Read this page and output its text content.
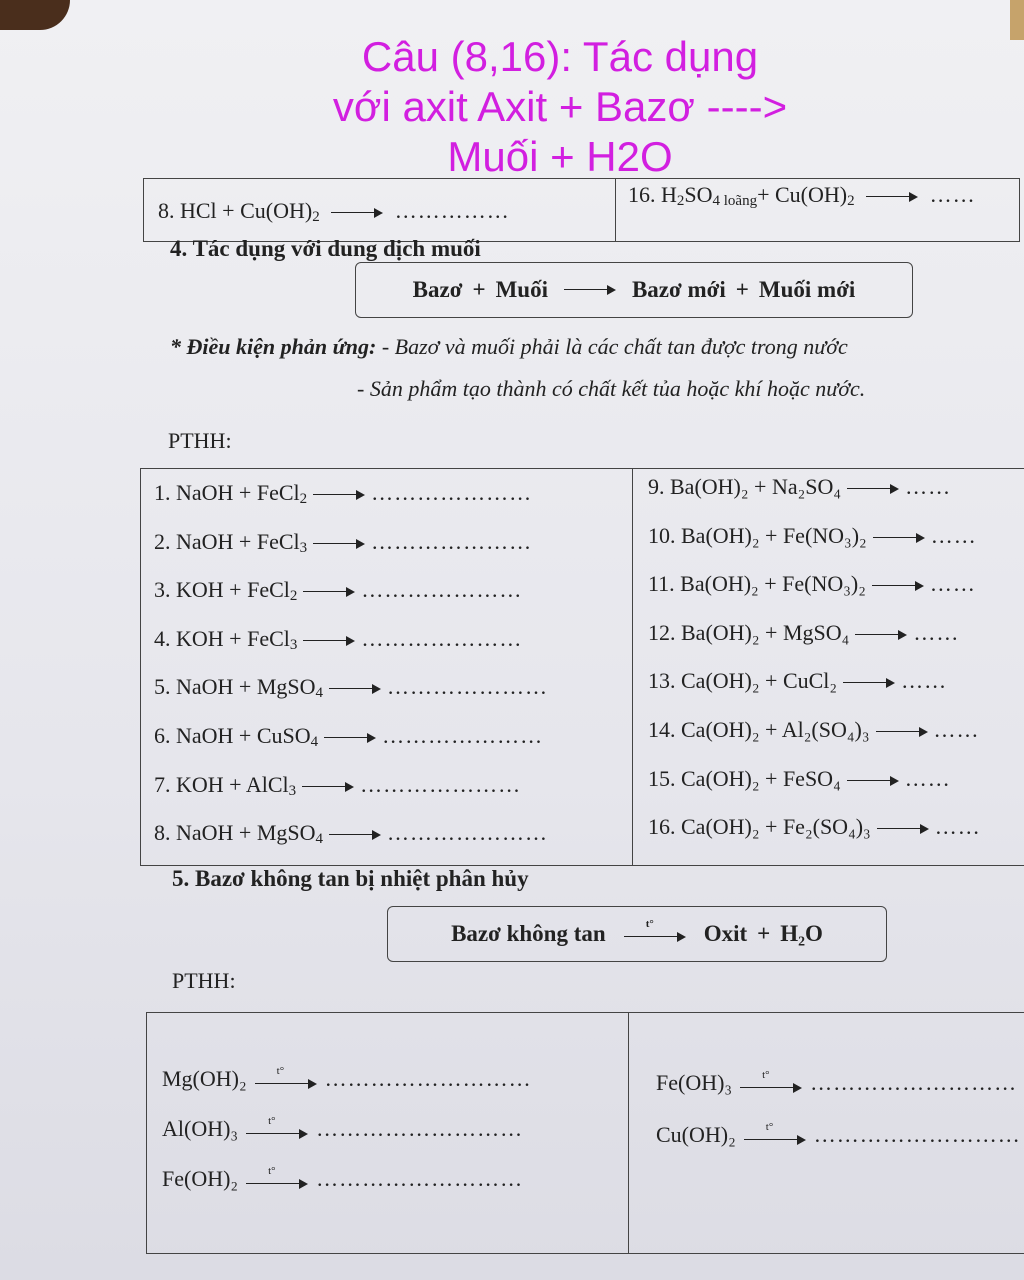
Câu (8,16): Tác dụng
với axit Axit + Bazơ ---->
Muối + H2O
8. HCl + $Cu(OH)_2$	……………
16. $H_2SO_{4 loãng}+ Cu(OH)_2$	……
4. Tác dụng với dung dịch muối
Bazơ + Muối	Bazơ mới + Muối mới
* Điều kiện phản ứng: - Bazơ và muối phải là các chất tan được trong nước
- Sản phẩm tạo thành có chất kết tủa hoặc khí hoặc nước.
PTHH:
1. NaOH + FeCl$_2$	…………………
2. NaOH + FeCl$_3$	…………………
3. KOH + FeCl$_2$	…………………
4. KOH + FeCl$_3$	…………………
5. NaOH + MgSO$_4$	…………………
6. NaOH + CuSO$_4$	…………………
7. KOH + AlCl$_3$	…………………
8. NaOH + MgSO$_4$	…………………
9. Ba(OH)₂ + Na₂SO₄	……
10. Ba(OH)₂ + Fe(NO₃)₂	……
11. Ba(OH)₂ + Fe(NO₃)₂	……
12. Ba(OH)₂ + MgSO₄	……
13. Ca(OH)₂ + CuCl₂	……
14. Ca(OH)₂ + Al₂(SO₄)₃	……
15. Ca(OH)₂ + FeSO₄	……
16. Ca(OH)₂ + Fe₂(SO₄)₃	……
5. Bazơ không tan bị nhiệt phân hủy
Bazơ không tan	t° Oxit + H₂O
PTHH:
Mg(OH)₂	t° ………………………
Al(OH)₃	t° ………………………
Fe(OH)₂	t° ………………………
Fe(OH)₃	t° ………………………
Cu(OH)₂	t° ………………………
